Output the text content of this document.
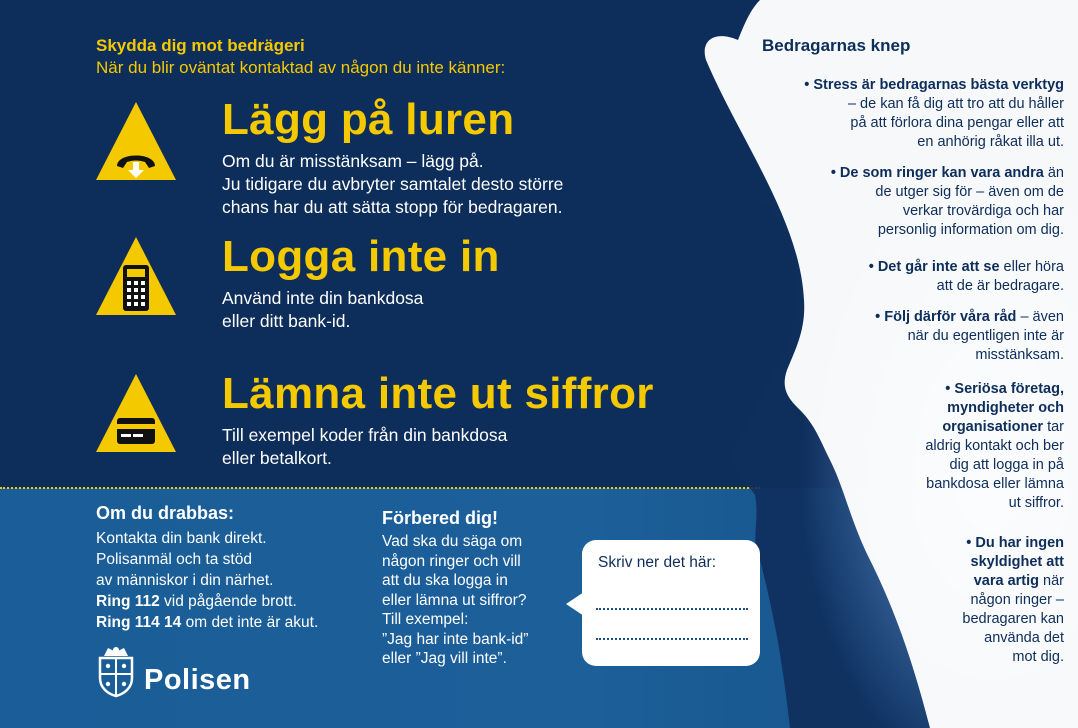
Skydda dig mot bedrägeri
När du blir oväntat kontaktad av någon du inte känner:
Lägg på luren
Om du är misstänksam – lägg på.
Ju tidigare du avbryter samtalet desto större
chans har du att sätta stopp för bedragaren.
Logga inte in
Använd inte din bankdosa
eller ditt bank-id.
Lämna inte ut siffror
Till exempel koder från din bankdosa
eller betalkort.
Om du drabbas:
Kontakta din bank direkt.
Polisanmäl och ta stöd
av människor i din närhet.
Ring 112 vid pågående brott.
Ring 114 14 om det inte är akut.
Polisen
Förbered dig!
Vad ska du säga om
någon ringer och vill
att du ska logga in
eller lämna ut siffror?
Till exempel:
”Jag har inte bank-id”
eller ”Jag vill inte”.
Skriv ner det här:
Bedragarnas knep
• Stress är bedragarnas bästa verktyg
– de kan få dig att tro att du håller
på att förlora dina pengar eller att
en anhörig råkat illa ut.
• De som ringer kan vara andra än
de utger sig för – även om de
verkar trovärdiga och har
personlig information om dig.
• Det går inte att se eller höra
att de är bedragare.
• Följ därför våra råd – även
när du egentligen inte är
misstänksam.
• Seriösa företag,
myndigheter och
organisationer tar
aldrig kontakt och ber
dig att logga in på
bankdosa eller lämna
ut siffror.
• Du har ingen
skyldighet att
vara artig när
någon ringer –
bedragaren kan
använda det
mot dig.
